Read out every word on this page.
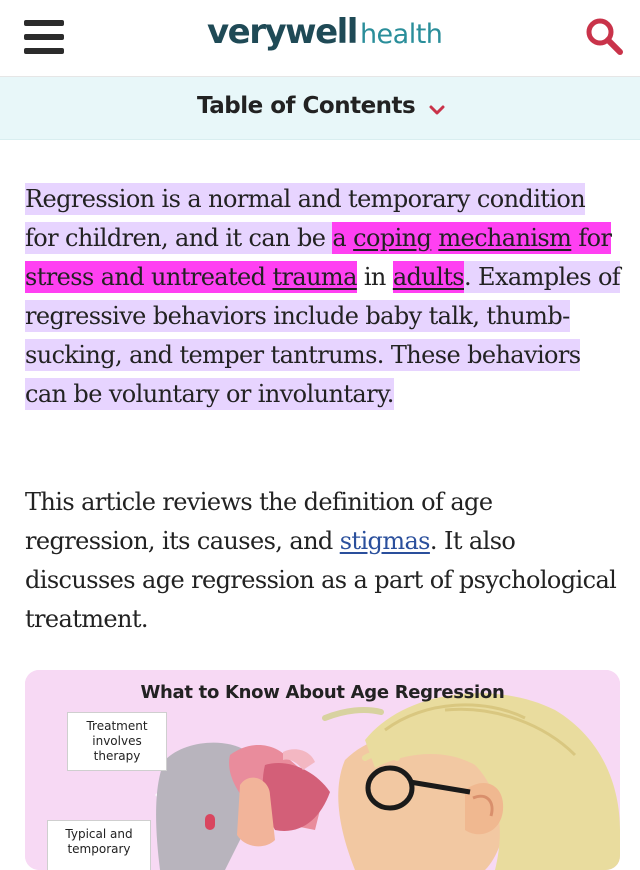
verywell health
Table of Contents
Regression is a normal and temporary condition for children, and it can be a coping mechanism for stress and untreated trauma in adults. Examples of regressive behaviors include baby talk, thumb-sucking, and temper tantrums. These behaviors can be voluntary or involuntary.
This article reviews the definition of age regression, its causes, and stigmas. It also discusses age regression as a part of psychological treatment.
What to Know About Age Regression
Treatment involves therapy
Typical and temporary
